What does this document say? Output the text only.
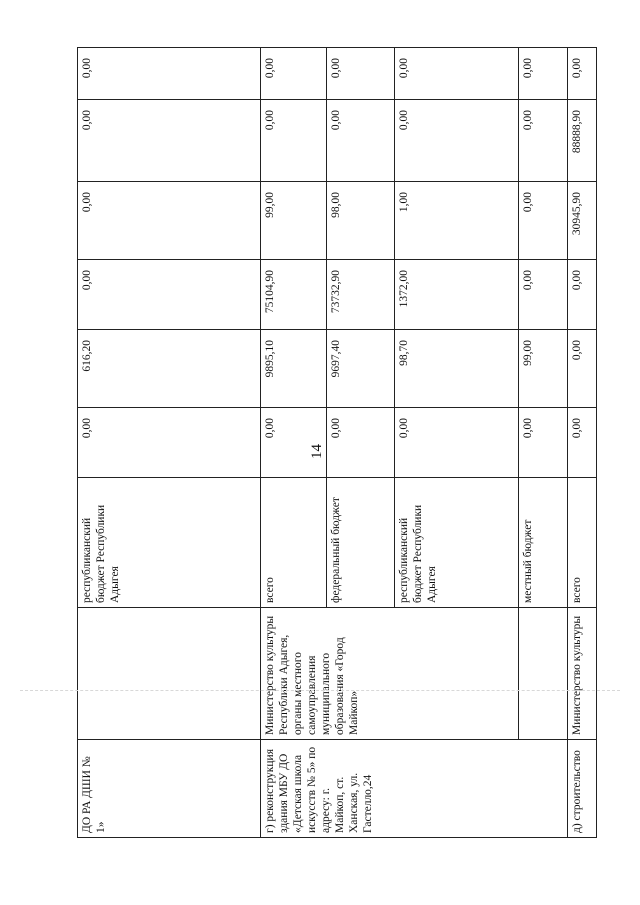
14
ДО РА ДШИ № 1»		республиканский бюджет Республики Адыгея	0,00	616,20	0,00	0,00	0,00	0,00
г) реконструкция здания МБУ ДО «Детская школа искусств № 5» по адресу: г. Майкоп, ст. Ханская, ул. Гастелло,24	Министерство культуры Республики Адыгея, органы местного самоуправления муниципального образования «Город Майкоп»	всего	0,00	9895,10	75104,90	99,00	0,00	0,00
		федеральный бюджет	0,00	9697,40	73732,90	98,00	0,00	0,00
		республиканский бюджет Республики Адыгея	0,00	98,70	1372,00	1,00	0,00	0,00
		местный бюджет	0,00	99,00	0,00	0,00	0,00	0,00
д) строительство	Министерство культуры	всего	0,00	0,00	0,00	30945,90	88888,90	0,00
